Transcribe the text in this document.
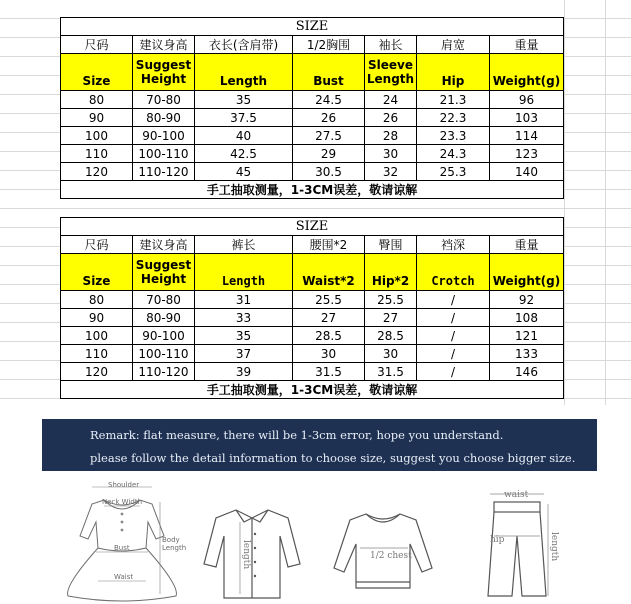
SIZE						
尺码	建议身高	衣长(含肩带)	1/2胸围	袖长	肩宽	重量
Size	Suggest Height	Length	Bust	Sleeve Length	Hip	Weight(g)
80	70-80	35	24.5	24	21.3	96
90	80-90	37.5	26	26	22.3	103
100	90-100	40	27.5	28	23.3	114
110	100-110	42.5	29	30	24.3	123
120	110-120	45	30.5	32	25.3	140
手工抽取测量，1-3CM误差，敬请谅解						
SIZE						
尺码	建议身高	裤长	腰围*2	臀围	裆深	重量
Size	Suggest Height	Length	Waist*2	Hip*2	Crotch	Weight(g)
80	70-80	31	25.5	25.5	/	92
90	80-90	33	27	27	/	108
100	90-100	35	28.5	28.5	/	121
110	100-110	37	30	30	/	133
120	110-120	39	31.5	31.5	/	146
手工抽取测量，1-3CM误差，敬请谅解						
Remark: flat measure, there will be 1-3cm error, hope you understand.
please follow the detail information to choose size, suggest you choose bigger size.
Shoulder
Neck Width
Bust
Body
Length
Waist
length	1/2 chest
waist
hip	length
